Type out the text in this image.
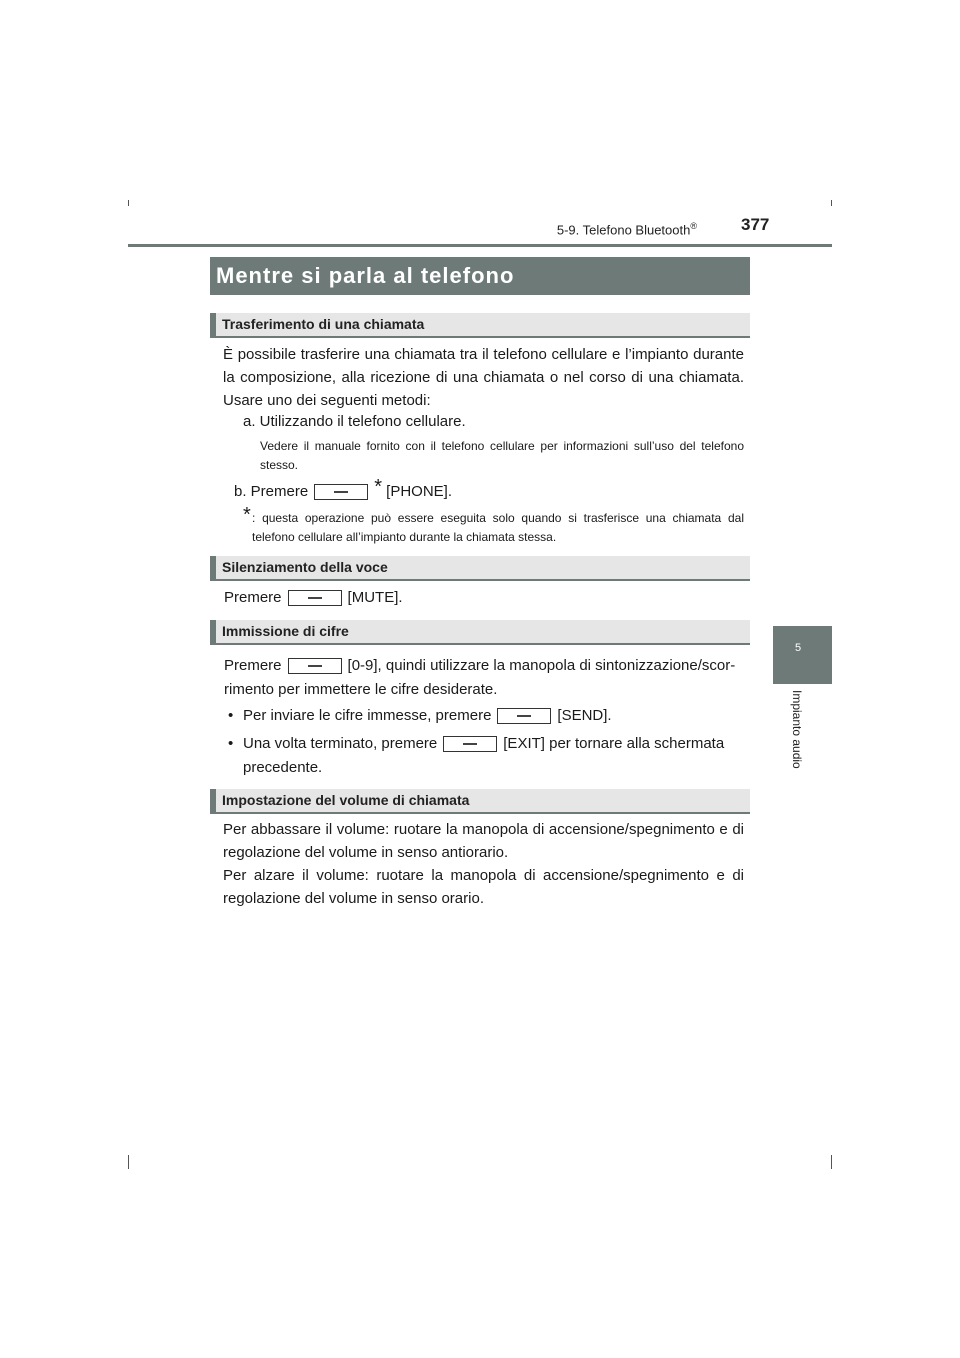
5-9. Telefono Bluetooth®	377
5
Impianto audio
Mentre si parla al telefono
Trasferimento di una chiamata
È possibile trasferire una chiamata tra il telefono cellulare e l’impianto durante la composizione, alla ricezione di una chiamata o nel corso di una chiamata. Usare uno dei seguenti metodi:
a. Utilizzando il telefono cellulare.
Vedere il manuale fornito con il telefono cellulare per informazioni sull’uso del telefono stesso.
b. Premere	* [PHONE].
* : questa operazione può essere eseguita solo quando si trasferisce una chiamata dal telefono cellulare all’impianto durante la chiamata stessa.
Silenziamento della voce
Premere	[MUTE].
Immissione di cifre
Premere	[0-9], quindi utilizzare la manopola di sintonizzazione/scor-
rimento per immettere le cifre desiderate.
• Per inviare le cifre immesse, premere	[SEND].
• Una volta terminato, premere	[EXIT] per tornare alla schermata
precedente.
Impostazione del volume di chiamata
Per abbassare il volume: ruotare la manopola di accensione/spegnimento e di regolazione del volume in senso antiorario.
Per alzare il volume: ruotare la manopola di accensione/spegnimento e di regolazione del volume in senso orario.
